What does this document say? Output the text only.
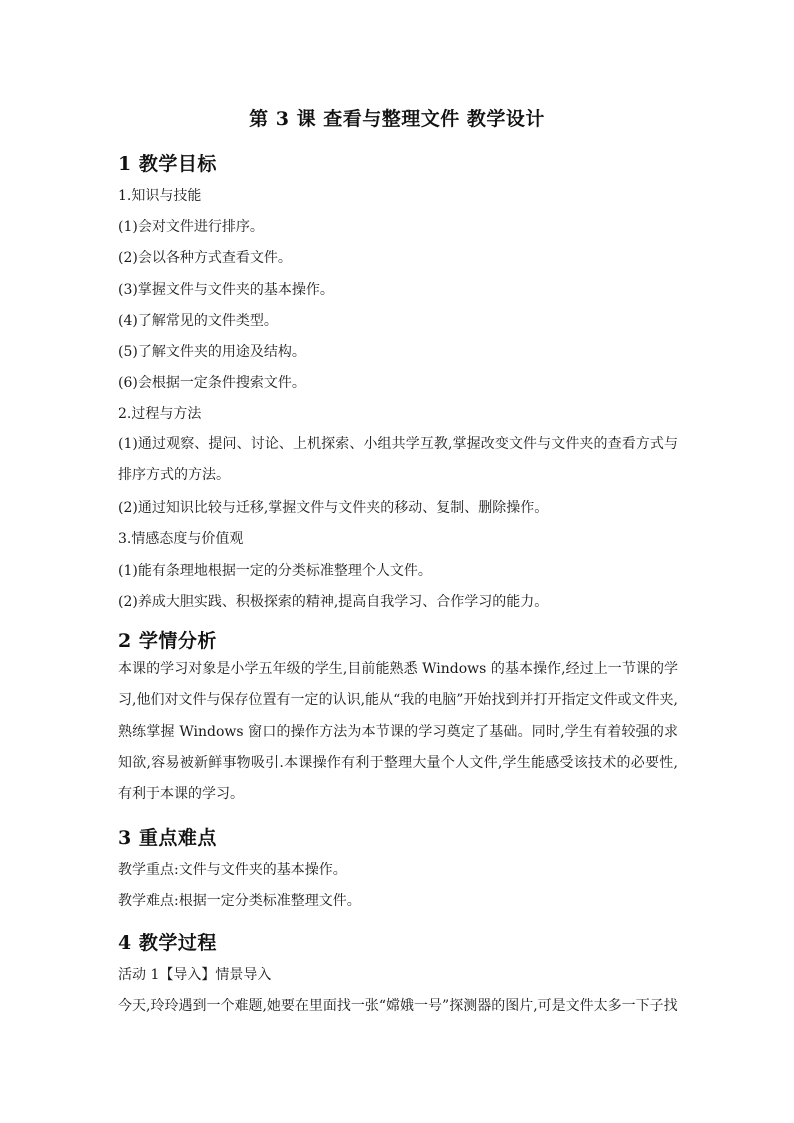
第 3 课 查看与整理文件 教学设计
1 教学目标

1.知识与技能

(1)会对文件进行排序。

(2)会以各种方式查看文件。

(3)掌握文件与文件夹的基本操作。

(4)了解常见的文件类型。

(5)了解文件夹的用途及结构。

(6)会根据一定条件搜索文件。

2.过程与方法

(1)通过观察、提问、讨论、上机探索、小组共学互教,掌握改变文件与文件夹的查看方式与排序方式的方法。

(2)通过知识比较与迁移,掌握文件与文件夹的移动、复制、删除操作。

3.情感态度与价值观

(1)能有条理地根据一定的分类标准整理个人文件。

(2)养成大胆实践、积极探索的精神,提高自我学习、合作学习的能力。

2 学情分析

本课的学习对象是小学五年级的学生,目前能熟悉 Windows 的基本操作,经过上一节课的学习,他们对文件与保存位置有一定的认识,能从“我的电脑”开始找到并打开指定文件或文件夹,熟练掌握 Windows 窗口的操作方法为本节课的学习奠定了基础。同时,学生有着较强的求知欲,容易被新鲜事物吸引.本课操作有利于整理大量个人文件,学生能感受该技术的必要性,有利于本课的学习。

3 重点难点

教学重点:文件与文件夹的基本操作。

教学难点:根据一定分类标准整理文件。

4 教学过程

活动 1【导入】情景导入

今天,玲玲遇到一个难题,她要在里面找一张“嫦娥一号”探测器的图片,可是文件太多一下子找
